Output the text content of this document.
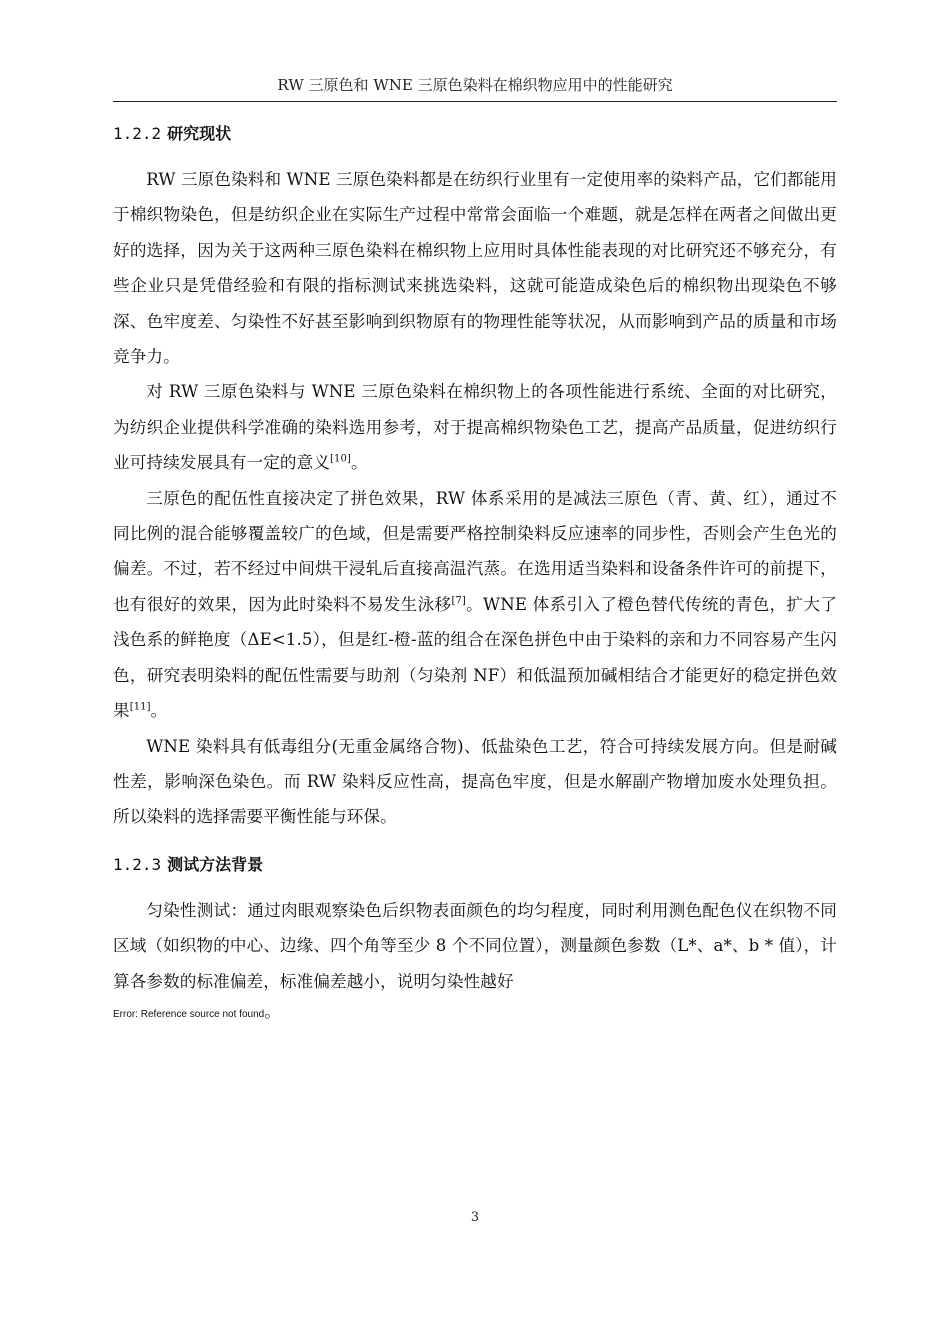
RW 三原色和 WNE 三原色染料在棉织物应用中的性能研究
1.2.2 研究现状

RW 三原色染料和 WNE 三原色染料都是在纺织行业里有一定使用率的染料产品，它们都能用于棉织物染色，但是纺织企业在实际生产过程中常常会面临一个难题，就是怎样在两者之间做出更好的选择，因为关于这两种三原色染料在棉织物上应用时具体性能表现的对比研究还不够充分，有些企业只是凭借经验和有限的指标测试来挑选染料，这就可能造成染色后的棉织物出现染色不够深、色牢度差、匀染性不好甚至影响到织物原有的物理性能等状况，从而影响到产品的质量和市场竞争力。

对 RW 三原色染料与 WNE 三原色染料在棉织物上的各项性能进行系统、全面的对比研究，为纺织企业提供科学准确的染料选用参考，对于提高棉织物染色工艺，提高产品质量，促进纺织行业可持续发展具有一定的意义[10]。

三原色的配伍性直接决定了拼色效果，RW 体系采用的是减法三原色（青、黄、红），通过不同比例的混合能够覆盖较广的色域，但是需要严格控制染料反应速率的同步性，否则会产生色光的偏差。不过，若不经过中间烘干浸轧后直接高温汽蒸。在选用适当染料和设备条件许可的前提下，也有很好的效果，因为此时染料不易发生泳移[7]。WNE 体系引入了橙色替代传统的青色，扩大了浅色系的鲜艳度（ΔE<1.5），但是红-橙-蓝的组合在深色拼色中由于染料的亲和力不同容易产生闪色，研究表明染料的配伍性需要与助剂（匀染剂 NF）和低温预加碱相结合才能更好的稳定拼色效果[11]。

WNE 染料具有低毒组分(无重金属络合物)、低盐染色工艺，符合可持续发展方向。但是耐碱性差，影响深色染色。而 RW 染料反应性高，提高色牢度，但是水解副产物增加废水处理负担。所以染料的选择需要平衡性能与环保。

1.2.3 测试方法背景

匀染性测试：通过肉眼观察染色后织物表面颜色的均匀程度，同时利用测色配色仪在织物不同区域（如织物的中心、边缘、四个角等至少 8 个不同位置），测量颜色参数（L*、a*、b * 值），计算各参数的标准偏差，标准偏差越小，说明匀染性越好

Error: Reference source not found。

3
